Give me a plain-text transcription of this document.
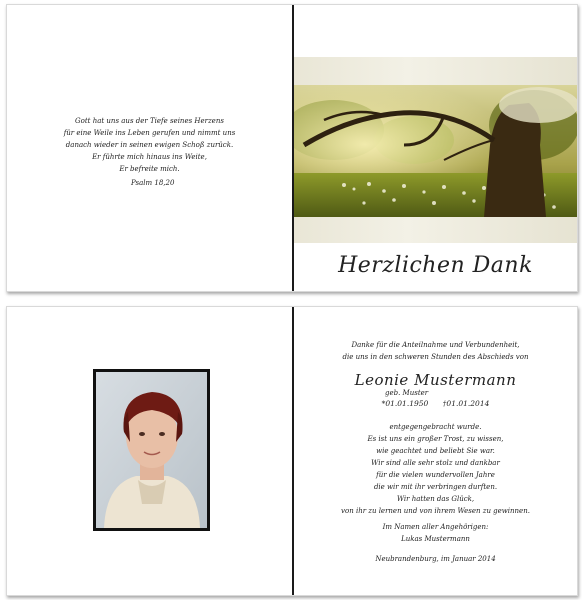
Gott hat uns aus der Tiefe seines Herzens
für eine Weile ins Leben gerufen und nimmt uns
danach wieder in seinen ewigen Schoß zurück.
Er führte mich hinaus ins Weite,
Er befreite mich.
Psalm 18,20
Herzlichen Dank
Danke für die Anteilnahme und Verbundenheit,
die uns in den schweren Stunden des Abschieds von
Leonie Mustermann
geb. Muster
*01.01.1950 †01.01.2014
entgegengebracht wurde.
Es ist uns ein großer Trost, zu wissen,
wie geachtet und beliebt Sie war.
Wir sind alle sehr stolz und dankbar
für die vielen wundervollen Jahre
die wir mit ihr verbringen durften.
Wir hatten das Glück,
von ihr zu lernen und von ihrem Wesen zu gewinnen.
Im Namen aller Angehörigen:
Lukas Mustermann
Neubrandenburg, im Januar 2014
